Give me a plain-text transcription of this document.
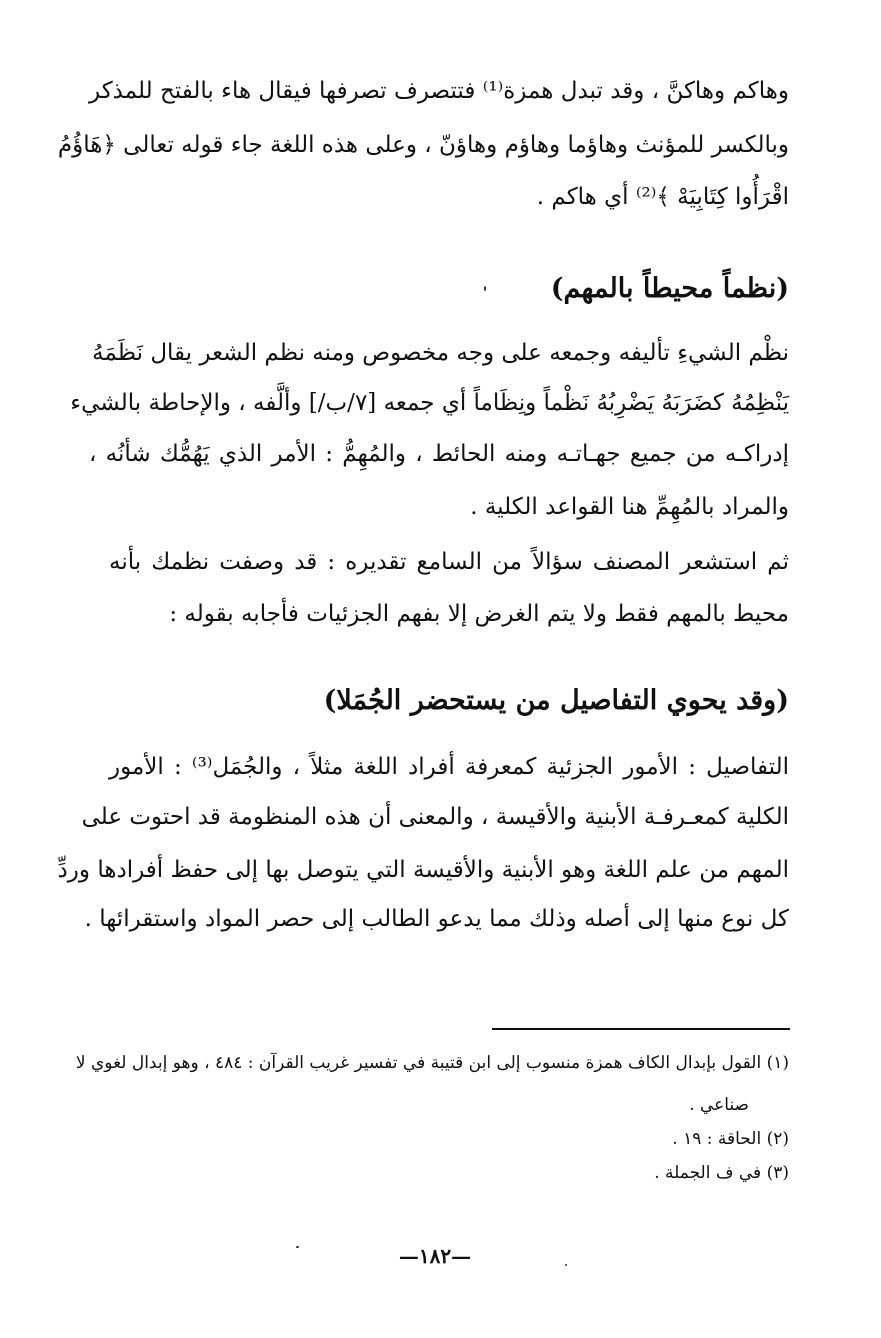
وهاكم وهاكنَّ ، وقد تبدل همزة⁽¹⁾ فتتصرف تصرفها فيقال هاء بالفتح للمذكر
وبالكسر للمؤنث وهاؤما وهاؤم وهاؤنّ ، وعلى هذه اللغة جاء قوله تعالى ﴿هَاؤُمُ
اقْرَأُوا كِتَابِيَهْ ﴾⁽²⁾ أي هاكم .
(نظماً محيطاً بالمهم)
نظْم الشيءِ تأليفه وجمعه على وجه مخصوص ومنه نظم الشعر يقال نَظَمَهُ
يَنْظِمُهُ كضَرَبَهُ يَضْرِبُهُ نَظْماً ونِظَاماً أي جمعه [٧/ب/] وألَّفه ، والإحاطة بالشيء
إدراكـه من جميع جهـاتـه ومنه الحائط ، والمُهِمُّ : الأمر الذي يَهُمُّك شأنُه ،
والمراد بالمُهِمِّ هنا القواعد الكلية .
ثم استشعر المصنف سؤالاً من السامع تقديره : قد وصفت نظمك بأنه
محيط بالمهم فقط ولا يتم الغرض إلا بفهم الجزئيات فأجابه بقوله :
(وقد يحوي التفاصيل من يستحضر الجُمَلا)
التفاصيل : الأمور الجزئية كمعرفة أفراد اللغة مثلاً ، والجُمَل⁽³⁾ : الأمور
الكلية كمعـرفـة الأبنية والأقيسة ، والمعنى أن هذه المنظومة قد احتوت على
المهم من علم اللغة وهو الأبنية والأقيسة التي يتوصل بها إلى حفظ أفرادها وردِّ
كل نوع منها إلى أصله وذلك مما يدعو الطالب إلى حصر المواد واستقرائها .
(١) القول بإبدال الكاف همزة منسوب إلى ابن قتيبة في تفسير غريب القرآن : ٤٨٤ ، وهو إبدال لغوي لا
صناعي .
(٢) الحاقة : ١٩ .
(٣) في ف الجملة .
—١٨٢—
